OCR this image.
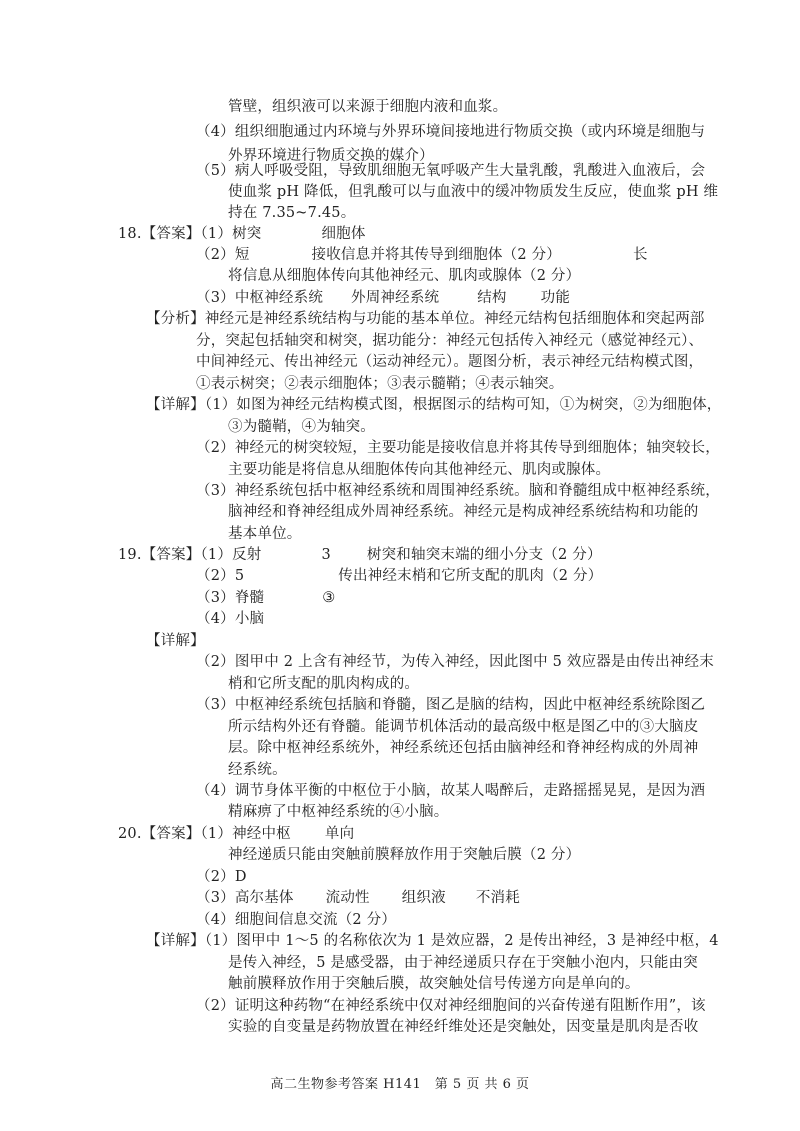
管壁，组织液可以来源于细胞内液和血浆。
（4）组织细胞通过内环境与外界环境间接地进行物质交换（或内环境是细胞与
外界环境进行物质交换的媒介）
（5）病人呼吸受阻，导致肌细胞无氧呼吸产生大量乳酸，乳酸进入血液后，会
使血浆 pH 降低，但乳酸可以与血液中的缓冲物质发生反应，使血浆 pH 维
持在 7.35~7.45。
18.【答案】（1）树突	细胞体
（2）短	接收信息并将其传导到细胞体（2 分）	长
将信息从细胞体传向其他神经元、肌肉或腺体（2 分）
（3）中枢神经系统 外周神经系统	结构 功能
【分析】神经元是神经系统结构与功能的基本单位。神经元结构包括细胞体和突起两部
分，突起包括轴突和树突，据功能分：神经元包括传入神经元（感觉神经元）、
中间神经元、传出神经元（运动神经元）。题图分析，表示神经元结构模式图，
①表示树突；②表示细胞体；③表示髓鞘；④表示轴突。
【详解】（1）如图为神经元结构模式图，根据图示的结构可知，①为树突，②为细胞体，
③为髓鞘，④为轴突。
（2）神经元的树突较短，主要功能是接收信息并将其传导到细胞体；轴突较长，
主要功能是将信息从细胞体传向其他神经元、肌肉或腺体。
（3）神经系统包括中枢神经系统和周围神经系统。脑和脊髓组成中枢神经系统，
脑神经和脊神经组成外周神经系统。神经元是构成神经系统结构和功能的
基本单位。
19.【答案】（1）反射	3 树突和轴突末端的细小分支（2 分）
（2）5	传出神经末梢和它所支配的肌肉（2 分）
（3）脊髓	③
（4）小脑
【详解】
（2）图甲中 2 上含有神经节，为传入神经，因此图中 5 效应器是由传出神经末
梢和它所支配的肌肉构成的。
（3）中枢神经系统包括脑和脊髓，图乙是脑的结构，因此中枢神经系统除图乙
所示结构外还有脊髓。能调节机体活动的最高级中枢是图乙中的③大脑皮
层。除中枢神经系统外，神经系统还包括由脑神经和脊神经构成的外周神
经系统。
（4）调节身体平衡的中枢位于小脑，故某人喝醉后，走路摇摇晃晃，是因为酒
精麻痹了中枢神经系统的④小脑。
20.【答案】（1）神经中枢 单向
神经递质只能由突触前膜释放作用于突触后膜（2 分）
（2）D
（3）高尔基体 流动性 组织液 不消耗
（4）细胞间信息交流（2 分）
【详解】（1）图甲中 1～5 的名称依次为 1 是效应器，2 是传出神经，3 是神经中枢，4
是传入神经，5 是感受器，由于神经递质只存在于突触小泡内，只能由突
触前膜释放作用于突触后膜，故突触处信号传递方向是单向的。
（2）证明这种药物“在神经系统中仅对神经细胞间的兴奋传递有阻断作用”，该
实验的自变量是药物放置在神经纤维处还是突触处，因变量是肌肉是否收
高二生物参考答案 H141　第 5 页 共 6 页
